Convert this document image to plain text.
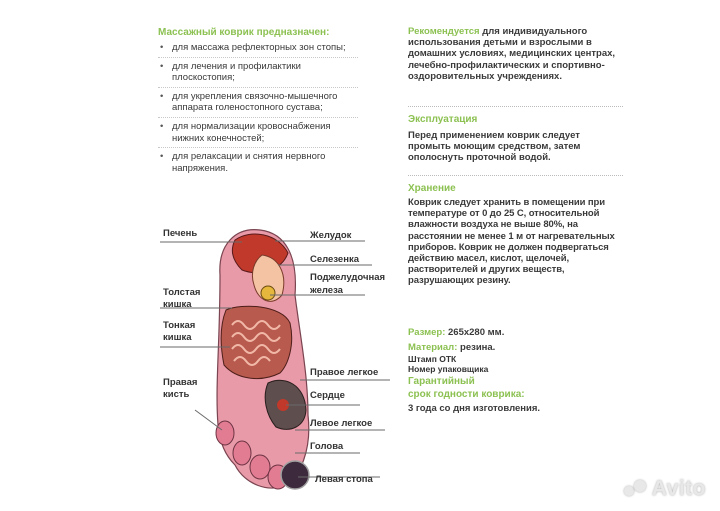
Массажный коврик предназначен:
• для массажа рефлекторных зон стопы;
• для лечения и профилактики плоскостопия;
• для укрепления связочно-мышечного аппарата голеностопного сустава;
• для нормализации кровоснабжения нижних конечностей;
• для релаксации и снятия нервного напряжения.
Печень
Толстая кишка
Тонкая кишка
Правая кисть
Желудок
Селезенка
Поджелудочная железа
Правое легкое
Сердце
Левое легкое
Голова
Левая стопа
Рекомендуется для индивидуального использования детьми и взрослыми в домашних условиях, медицинских центрах, лечебно-профилактических и спортивно-оздоровительных учреждениях.
Эксплуатация
Перед применением коврик следует промыть моющим средством, затем ополоснуть проточной водой.
Хранение
Коврик следует хранить в помещении при температуре от 0 до 25 С, относительной влажности воздуха не выше 80%, на расстоянии не менее 1 м от нагревательных приборов. Коврик не должен подвергаться действию масел, кислот, щелочей, растворителей и других веществ, разрушающих резину.
Размер: 265x280 мм.
Материал: резина.
Штамп ОТК
Номер упаковщика
Гарантийный
срок годности коврика:
3 года со дня изготовления.
Avito
